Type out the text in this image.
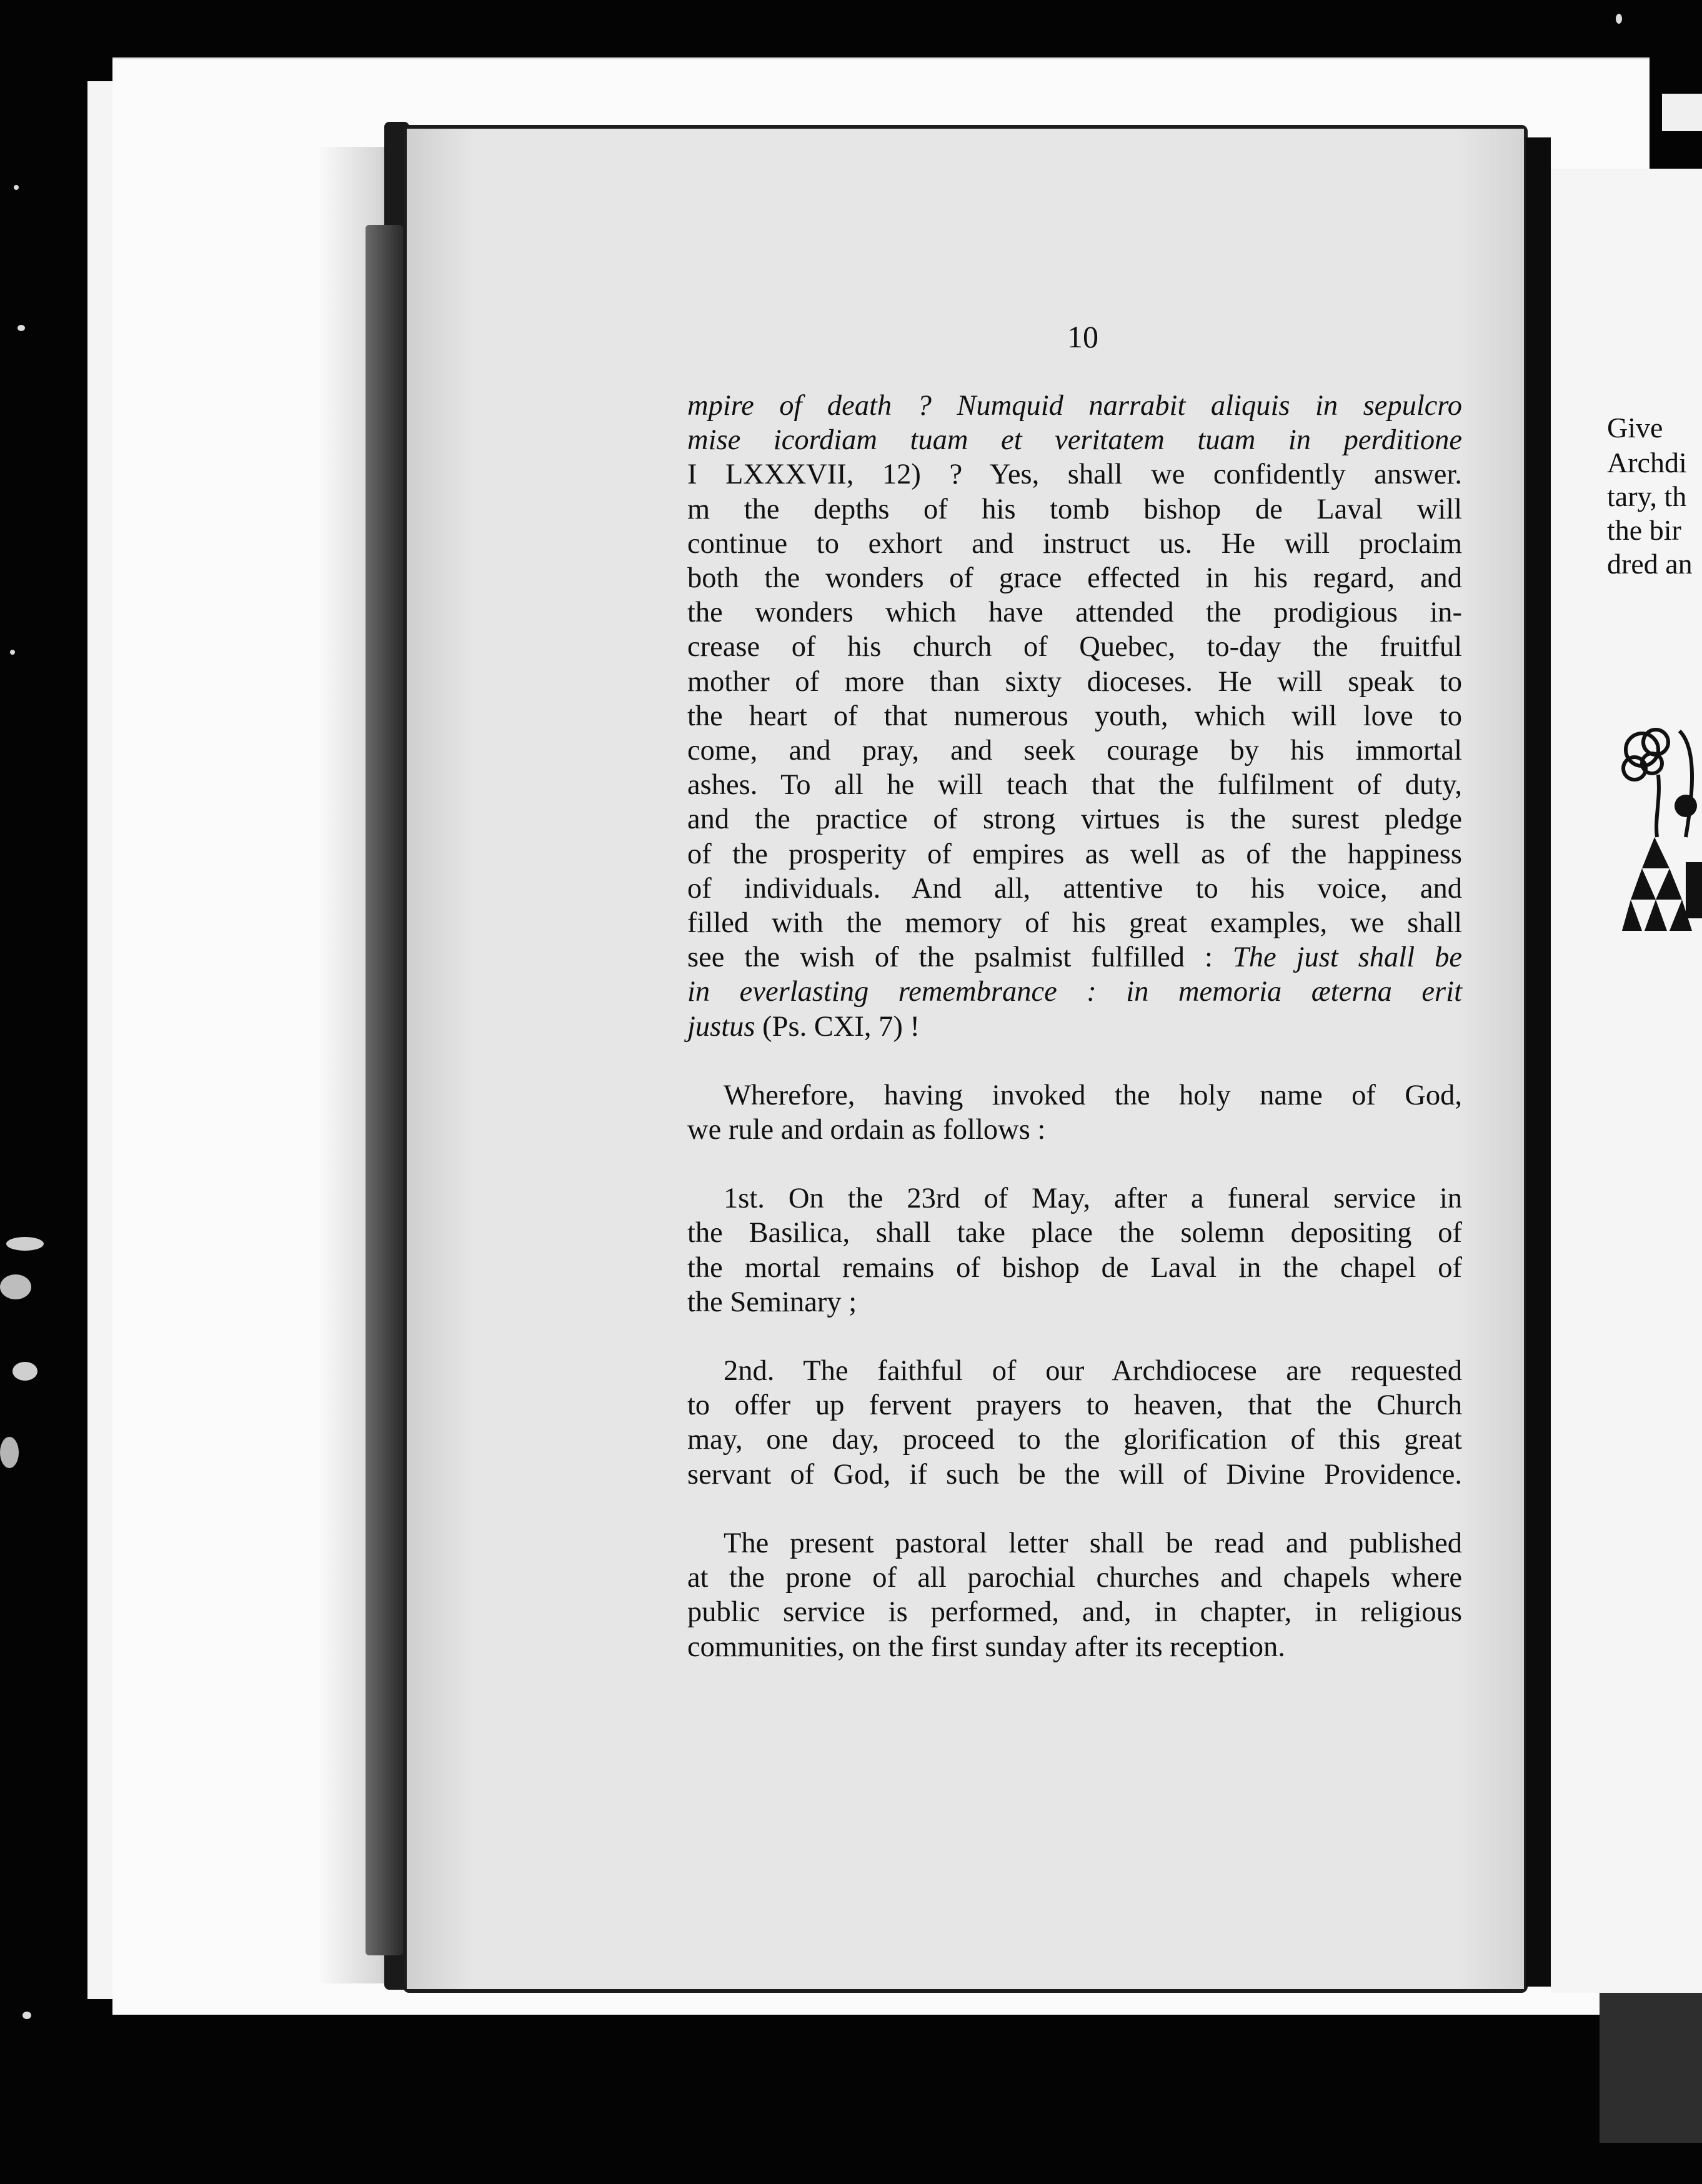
10
mpire of death ? Numquid narrabit aliquis in sepulcro
mise icordiam tuam et veritatem tuam in perditione
I LXXXVII, 12) ? Yes, shall we confidently answer.
m the depths of his tomb bishop de Laval will
continue to exhort and instruct us. He will proclaim
both the wonders of grace effected in his regard, and
the wonders which have attended the prodigious in-
crease of his church of Quebec, to-day the fruitful
mother of more than sixty dioceses. He will speak to
the heart of that numerous youth, which will love to
come, and pray, and seek courage by his immortal
ashes. To all he will teach that the fulfilment of duty,
and the practice of strong virtues is the surest pledge
of the prosperity of empires as well as of the happiness
of individuals. And all, attentive to his voice, and
filled with the memory of his great examples, we shall
see the wish of the psalmist fulfilled : The just shall be
in everlasting remembrance : in memoria æterna erit
justus (Ps. CXI, 7) !
Wherefore, having invoked the holy name of God,
we rule and ordain as follows :
1st. On the 23rd of May, after a funeral service in
the Basilica, shall take place the solemn depositing of
the mortal remains of bishop de Laval in the chapel of
the Seminary ;
2nd. The faithful of our Archdiocese are requested
to offer up fervent prayers to heaven, that the Church
may, one day, proceed to the glorification of this great
servant of God, if such be the will of Divine Providence.
The present pastoral letter shall be read and published
at the prone of all parochial churches and chapels where
public service is performed, and, in chapter, in religious
communities, on the first sunday after its reception.
Give
Archdi
tary, th
the bir
dred an
